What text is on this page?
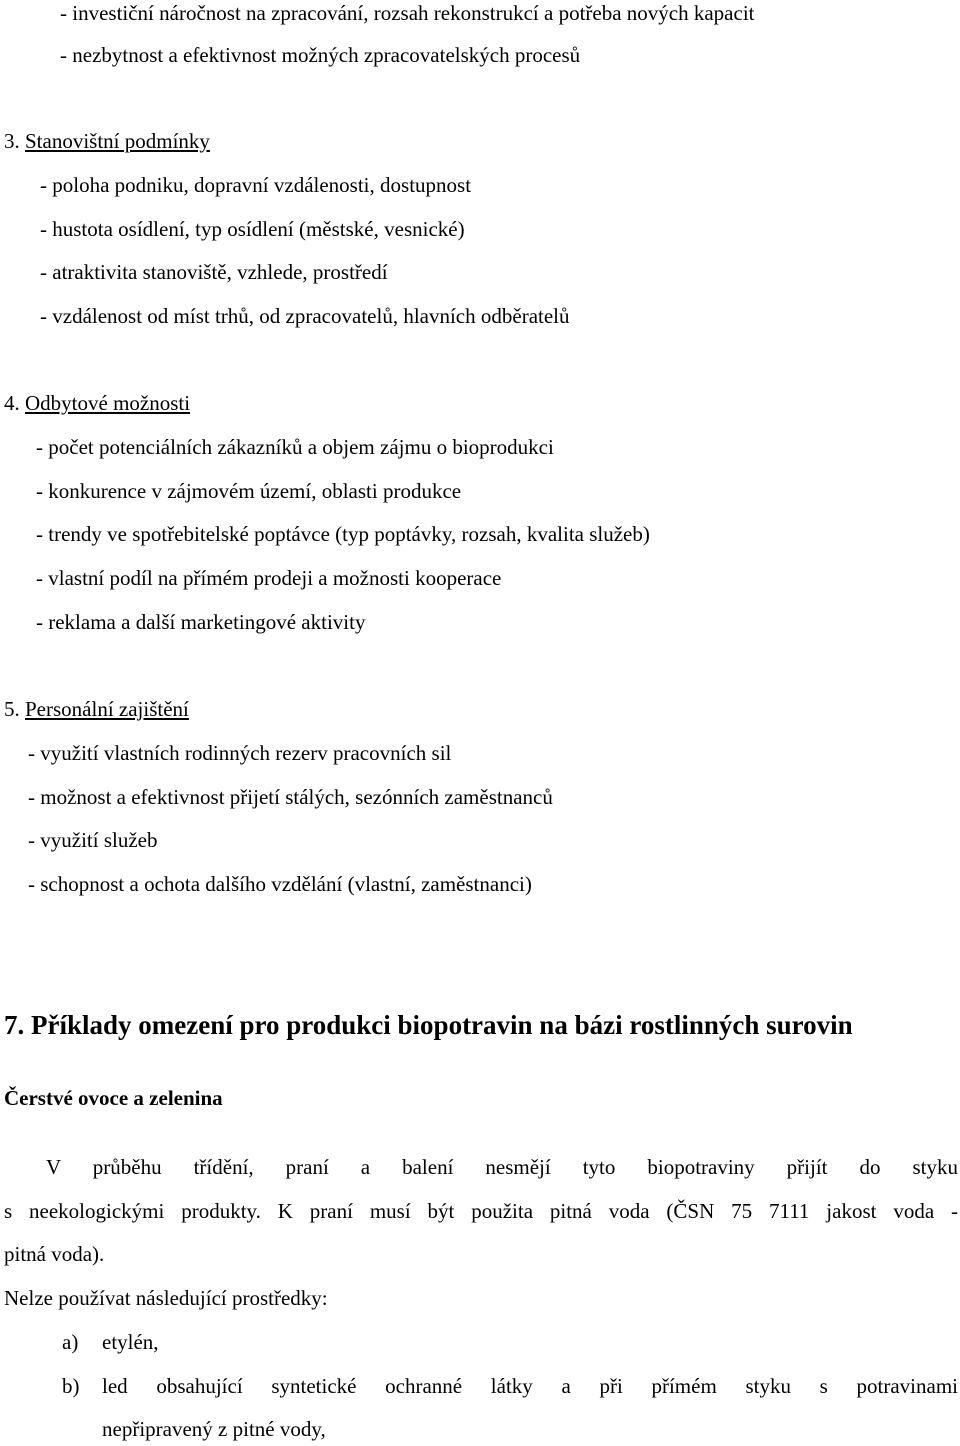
- investiční náročnost na zpracování, rozsah rekonstrukcí a potřeba nových kapacit
- nezbytnost a efektivnost možných zpracovatelských procesů
3. Stanovištní podmínky
- poloha podniku, dopravní vzdálenosti, dostupnost
- hustota osídlení, typ osídlení (městské, vesnické)
- atraktivita stanoviště, vzhlede, prostředí
- vzdálenost od míst trhů, od zpracovatelů, hlavních odběratelů
4. Odbytové možnosti
- počet potenciálních zákazníků a objem zájmu o bioprodukci
- konkurence v zájmovém území, oblasti produkce
- trendy ve spotřebitelské poptávce (typ poptávky, rozsah, kvalita služeb)
- vlastní podíl na přímém prodeji a možnosti kooperace
- reklama a další marketingové aktivity
5. Personální zajištění
- využití vlastních rodinných rezerv pracovních sil
- možnost a efektivnost přijetí stálých, sezónních zaměstnanců
- využití služeb
- schopnost a ochota dalšího vzdělání (vlastní, zaměstnanci)
7. Příklady omezení pro produkci biopotravin na bázi rostlinných surovin
Čerstvé ovoce a zelenina
V průběhu třídění, praní a balení nesmějí tyto biopotraviny přijít do styku
s neekologickými produkty. K praní musí být použita pitná voda (ČSN 75 7111 jakost voda -
pitná voda).
Nelze používat následující prostředky:
a) etylén,
b) led obsahující syntetické ochranné látky a při přímém styku s potravinami
nepřipravený z pitné vody,
